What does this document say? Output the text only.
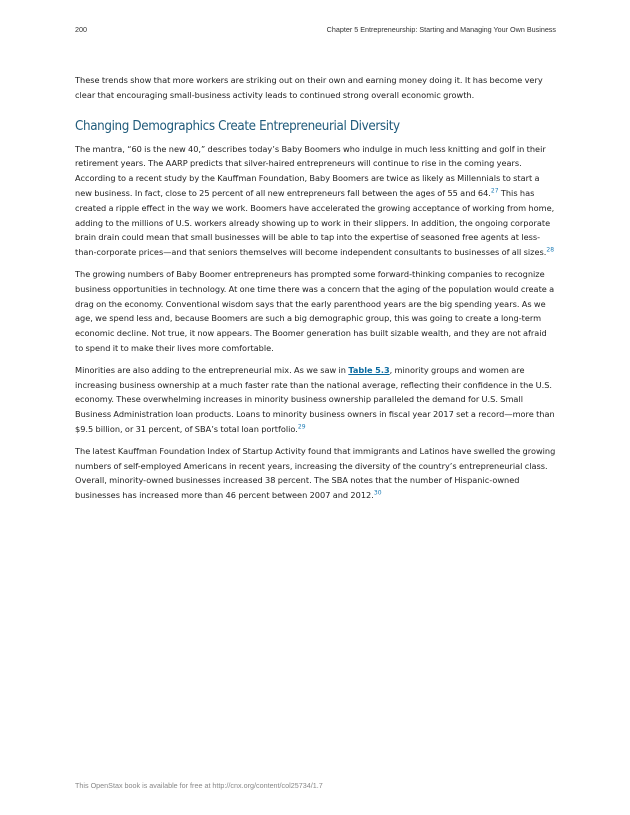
200	Chapter 5 Entrepreneurship: Starting and Managing Your Own Business

These trends show that more workers are striking out on their own and earning money doing it. It has become very clear that encouraging small-business activity leads to continued strong overall economic growth.

Changing Demographics Create Entrepreneurial Diversity

The mantra, “60 is the new 40,” describes today’s Baby Boomers who indulge in much less knitting and golf in their retirement years. The AARP predicts that silver-haired entrepreneurs will continue to rise in the coming years. According to a recent study by the Kauffman Foundation, Baby Boomers are twice as likely as Millennials to start a new business. In fact, close to 25 percent of all new entrepreneurs fall between the ages of 55 and 64.27 This has created a ripple effect in the way we work. Boomers have accelerated the growing acceptance of working from home, adding to the millions of U.S. workers already showing up to work in their slippers. In addition, the ongoing corporate brain drain could mean that small businesses will be able to tap into the expertise of seasoned free agents at less-than-corporate prices—and that seniors themselves will become independent consultants to businesses of all sizes.$^{28}$

The growing numbers of Baby Boomer entrepreneurs has prompted some forward-thinking companies to recognize business opportunities in technology. At one time there was a concern that the aging of the population would create a drag on the economy. Conventional wisdom says that the early parenthood years are the big spending years. As we age, we spend less and, because Boomers are such a big demographic group, this was going to create a long-term economic decline. Not true, it now appears. The Boomer generation has built sizable wealth, and they are not afraid to spend it to make their lives more comfortable.

Minorities are also adding to the entrepreneurial mix. As we saw in Table 5.3, minority groups and women are increasing business ownership at a much faster rate than the national average, reflecting their confidence in the U.S. economy. These overwhelming increases in minority business ownership paralleled the demand for U.S. Small Business Administration loan products. Loans to minority business owners in fiscal year 2017 set a record—more than $9.5 billion, or 31 percent, of SBA’s total loan portfolio.$^{29}$

The latest Kauffman Foundation Index of Startup Activity found that immigrants and Latinos have swelled the growing numbers of self-employed Americans in recent years, increasing the diversity of the country’s entrepreneurial class. Overall, minority-owned businesses increased 38 percent. The SBA notes that the number of Hispanic-owned businesses has increased more than 46 percent between 2007 and 2012.30

This OpenStax book is available for free at http://cnx.org/content/col25734/1.7
